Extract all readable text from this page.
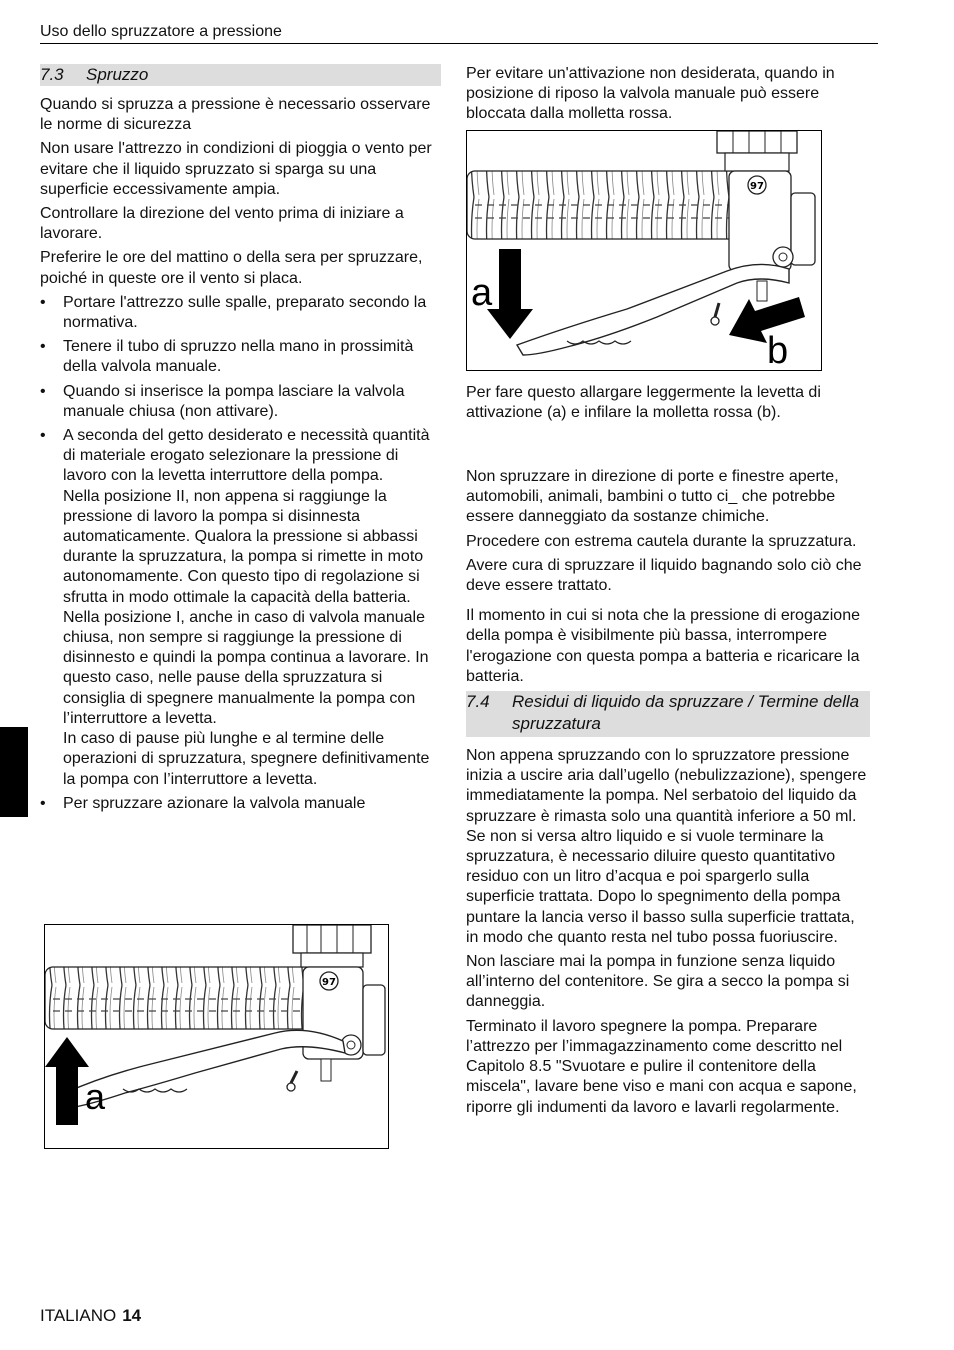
Uso dello spruzzatore a pressione
7.3 Spruzzo

Quando si spruzza a pressione è necessario osservare le norme di sicurezza

Non usare l'attrezzo in condizioni di pioggia o vento per evitare che il liquido spruzzato si sparga su una superficie eccessivamente ampia.

Controllare la direzione del vento prima di iniziare a lavorare.

Preferire le ore del mattino o della sera per spruzzare, poiché in queste ore il vento si placa.

• Portare l'attrezzo sulle spalle, preparato secondo la normativa.
• Tenere il tubo di spruzzo nella mano in prossimità della valvola manuale.
• Quando si inserisce la pompa lasciare la valvola manuale chiusa (non attivare).
• A seconda del getto desiderato e necessità quantità di materiale erogato selezionare la pressione di lavoro con la levetta interruttore della pompa.
Nella posizione II, non appena si raggiunge la pressione di lavoro la pompa si disinnesta automaticamente. Qualora la pressione si abbassi durante la spruzzatura, la pompa si rimette in moto autonomamente. Con questo tipo di regolazione si sfrutta in modo ottimale la capacità della batteria.
Nella posizione I, anche in caso di valvola manuale chiusa, non sempre si raggiunge la pressione di disinnesto e quindi la pompa continua a lavorare. In questo caso, nelle pause della spruzzatura si consiglia di spegnere manualmente la pompa con l’interruttore a levetta.
In caso di pause più lunghe e al termine delle operazioni di spruzzatura, spegnere definitivamente la pompa con l’interruttore a levetta.
• Per spruzzare azionare la valvola manuale
97
a

Per evitare un'attivazione non desiderata, quando in posizione di riposo la valvola manuale può essere bloccata dalla molletta rossa.

Per fare questo allargare leggermente la levetta di attivazione (a) e infilare la molletta rossa (b).

Non spruzzare in direzione di porte e finestre aperte, automobili, animali, bambini o tutto ci_ che potrebbe essere danneggiato da sostanze chimiche.

Procedere con estrema cautela durante la spruzzatura.

Avere cura di spruzzare il liquido bagnando solo ciò che deve essere trattato.

Il momento in cui si nota che la pressione di erogazione della pompa è visibilmente più bassa, interrompere l'erogazione con questa pompa a batteria e ricaricare la batteria.

7.4	Residui di liquido da spruzzare / Termine della spruzzatura

Non appena spruzzando con lo spruzzatore pressione inizia a uscire aria dall’ugello (nebulizzazione), spengere immediatamente la pompa. Nel serbatoio del liquido da spruzzare è rimasta solo una quantità inferiore a 50 ml. Se non si versa altro liquido e si vuole terminare la spruzzatura, è necessario diluire questo quantitativo residuo con un litro d’acqua e poi spargerlo sulla superficie trattata. Dopo lo spegnimento della pompa puntare la lancia verso il basso sulla superficie trattata, in modo che quanto resta nel tubo possa fuoriuscire.

Non lasciare mai la pompa in funzione senza liquido all’interno del contenitore. Se gira a secco la pompa si danneggia.

Terminato il lavoro spegnere la pompa. Preparare l’attrezzo per l’immagazzinamento come descritto nel Capitolo 8.5 "Svuotare e pulire il contenitore della miscela", lavare bene viso e mani con acqua e sapone, riporre gli indumenti da lavoro e lavarli regolarmente.

97
a
b
ITALIANO 14
